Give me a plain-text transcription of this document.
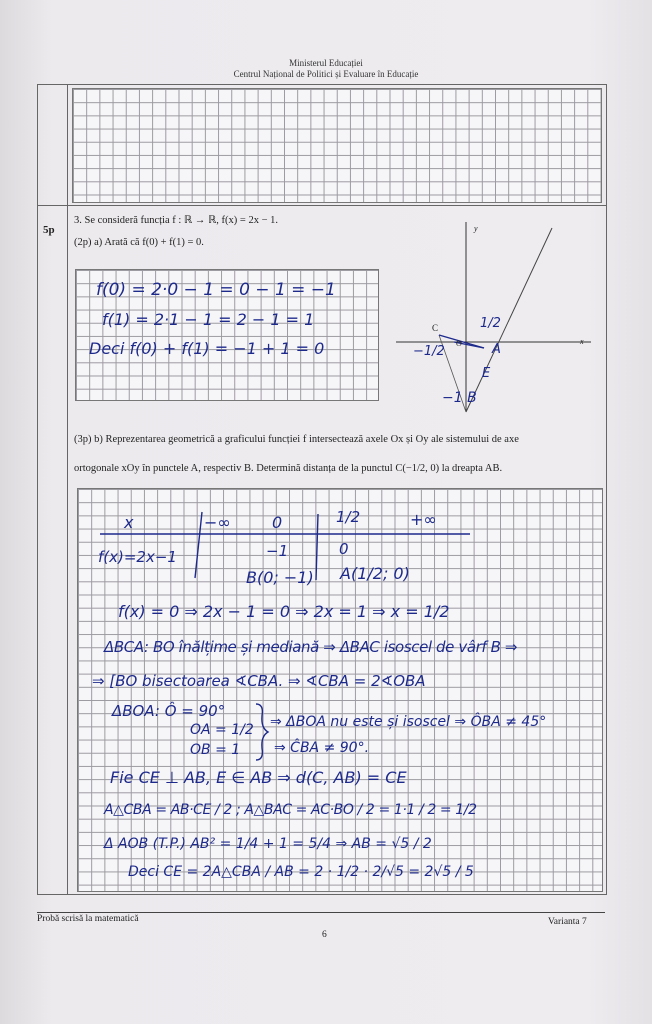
Ministerul Educației
Centrul Național de Politici și Evaluare în Educație
5p
3. Se consideră funcția f : ℝ → ℝ, f(x) = 2x − 1.
(2p) a) Arată că f(0) + f(1) = 0.
f(0) = 2·0 − 1 = 0 − 1 = −1
f(1) = 2·1 − 1 = 2 − 1 = 1
Deci f(0) + f(1) = −1 + 1 = 0
y
x
C
O
1/2
A
−1/2
E
−1 B
(3p) b) Reprezentarea geometrică a graficului funcției f intersectează axele Ox și Oy ale sistemului de axe
ortogonale xOy în punctele A, respectiv B. Determină distanța de la punctul C(−1/2, 0) la dreapta AB.
x	−∞	0	1/2	+∞
f(x)=2x−1	−1	0
B(0; −1) A(1/2; 0)
f(x) = 0 ⇒ 2x − 1 = 0 ⇒ 2x = 1 ⇒ x = 1/2
ΔBCA: BO înălțime și mediană ⇒ ΔBAC isoscel de vârf B ⇒
⇒ [BO bisectoarea ∢CBA. ⇒ ∢CBA = 2∢OBA
ΔBOA: Ô = 90°
OA = 1/2
OB = 1
⇒ ΔBOA nu este și isoscel ⇒ ÔBA ≠ 45°
⇒ ĈBA ≠ 90°.
Fie CE ⊥ AB, E ∈ AB ⇒ d(C, AB) = CE
A△CBA = AB·CE / 2 ; A△BAC = AC·BO / 2 = 1·1 / 2 = 1/2
Δ AOB (T.P.) AB² = 1/4 + 1 = 5/4 ⇒ AB = √5 / 2
Deci CE = 2A△CBA / AB = 2 · 1/2 · 2/√5 = 2√5 / 5
Probă scrisă la matematică	Varianta 7
6
